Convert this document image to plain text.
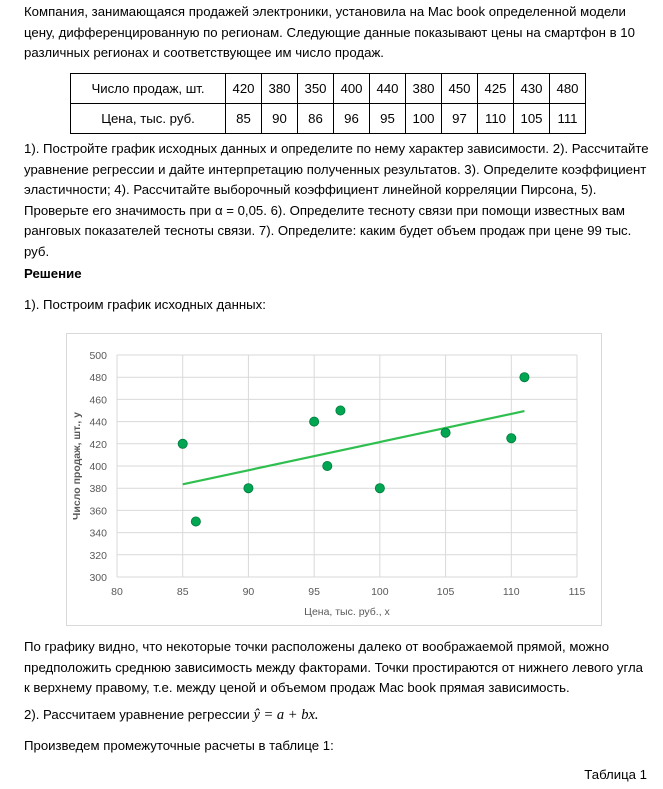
Компания, занимающаяся продажей электроники, установила на Mac book определенной модели цену, дифференцированную по регионам. Следующие данные показывают цены на смартфон в 10 различных регионах и соответствующее им число продаж.

Число продаж, шт.	420	380	350	400	440	380	450	425	430	480
Цена, тыс. руб.	85	90	86	96	95	100	97	110	105	111

1). Постройте график исходных данных и определите по нему характер зависимости. 2). Рассчитайте уравнение регрессии и дайте интерпретацию полученных результатов. 3). Определите коэффициент эластичности; 4). Рассчитайте выборочный коэффициент линейной корреляции Пирсона, 5). Проверьте его значимость при α = 0,05. 6). Определите тесноту связи при помощи известных вам ранговых показателей тесноты связи. 7). Определите: каким будет объем продаж при цене 99 тыс. руб.

Решение

1). Построим график исходных данных:

300
320
340
360
380
400
420
440
460
480
500
80	85	90	95	100	105	110	115
Цена, тыс. руб., x
Число продаж, шт., y

По графику видно, что некоторые точки расположены далеко от воображаемой прямой, можно предположить среднюю зависимость между факторами. Точки простираются от нижнего левого угла к верхнему правому, т.е. между ценой и объемом продаж Mac book прямая зависимость.

2). Рассчитаем уравнение регрессии ŷ = a + bx.

Произведем промежуточные расчеты в таблице 1:

Таблица 1
